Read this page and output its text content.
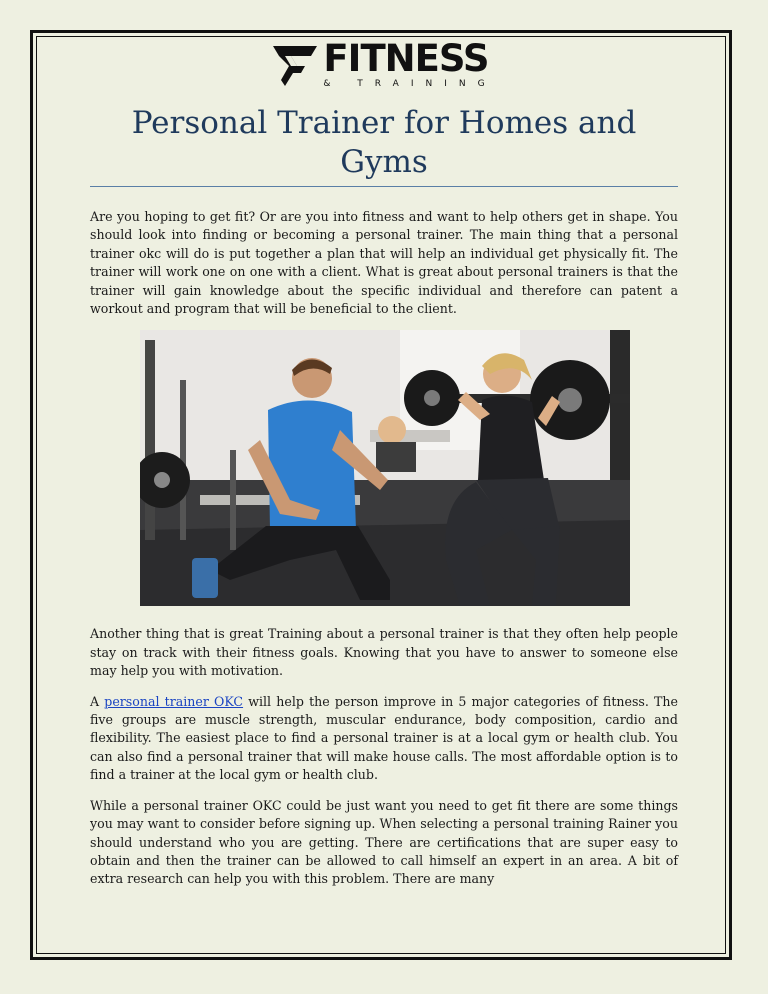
FITNESS
& TRAINING
Personal Trainer for Homes and Gyms

Are you hoping to get fit? Or are you into fitness and want to help others get in shape. You should look into finding or becoming a personal trainer. The main thing that a personal trainer okc will do is put together a plan that will help an individual get physically fit. The trainer will work one on one with a client. What is great about personal trainers is that the trainer will gain knowledge about the specific individual and therefore can patent a workout and program that will be beneficial to the client.

Another thing that is great Training about a personal trainer is that they often help people stay on track with their fitness goals. Knowing that you have to answer to someone else may help you with motivation.

A personal trainer OKC will help the person improve in 5 major categories of fitness. The five groups are muscle strength, muscular endurance, body composition, cardio and flexibility. The easiest place to find a personal trainer is at a local gym or health club. You can also find a personal trainer that will make house calls. The most affordable option is to find a trainer at the local gym or health club.

While a personal trainer OKC could be just want you need to get fit there are some things you may want to consider before signing up. When selecting a personal training Rainer you should understand who you are getting. There are certifications that are super easy to obtain and then the trainer can be allowed to call himself an expert in an area. A bit of extra research can help you with this problem. There are many
